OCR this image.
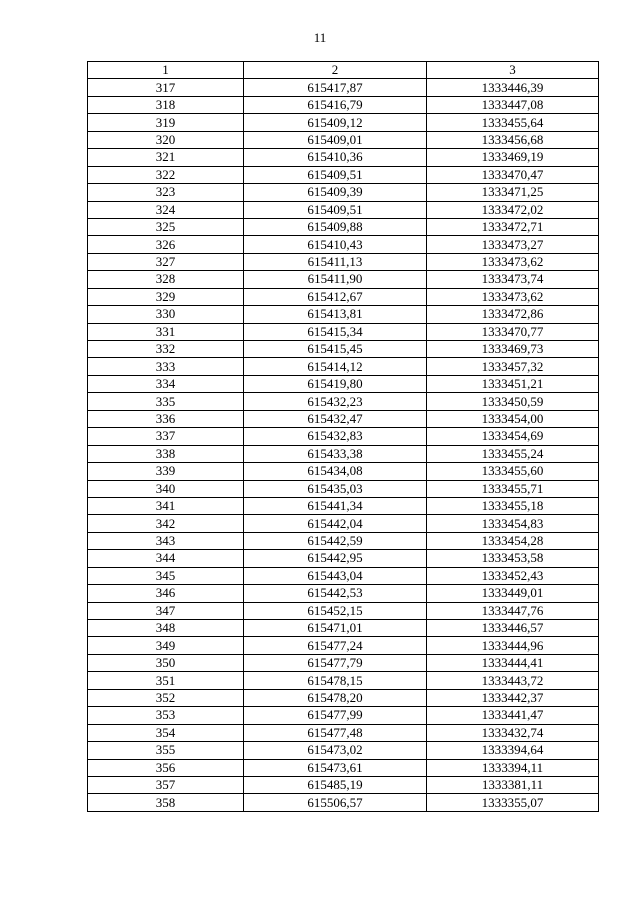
11
1	2	3
317	615417,87	1333446,39
318	615416,79	1333447,08
319	615409,12	1333455,64
320	615409,01	1333456,68
321	615410,36	1333469,19
322	615409,51	1333470,47
323	615409,39	1333471,25
324	615409,51	1333472,02
325	615409,88	1333472,71
326	615410,43	1333473,27
327	615411,13	1333473,62
328	615411,90	1333473,74
329	615412,67	1333473,62
330	615413,81	1333472,86
331	615415,34	1333470,77
332	615415,45	1333469,73
333	615414,12	1333457,32
334	615419,80	1333451,21
335	615432,23	1333450,59
336	615432,47	1333454,00
337	615432,83	1333454,69
338	615433,38	1333455,24
339	615434,08	1333455,60
340	615435,03	1333455,71
341	615441,34	1333455,18
342	615442,04	1333454,83
343	615442,59	1333454,28
344	615442,95	1333453,58
345	615443,04	1333452,43
346	615442,53	1333449,01
347	615452,15	1333447,76
348	615471,01	1333446,57
349	615477,24	1333444,96
350	615477,79	1333444,41
351	615478,15	1333443,72
352	615478,20	1333442,37
353	615477,99	1333441,47
354	615477,48	1333432,74
355	615473,02	1333394,64
356	615473,61	1333394,11
357	615485,19	1333381,11
358	615506,57	1333355,07
